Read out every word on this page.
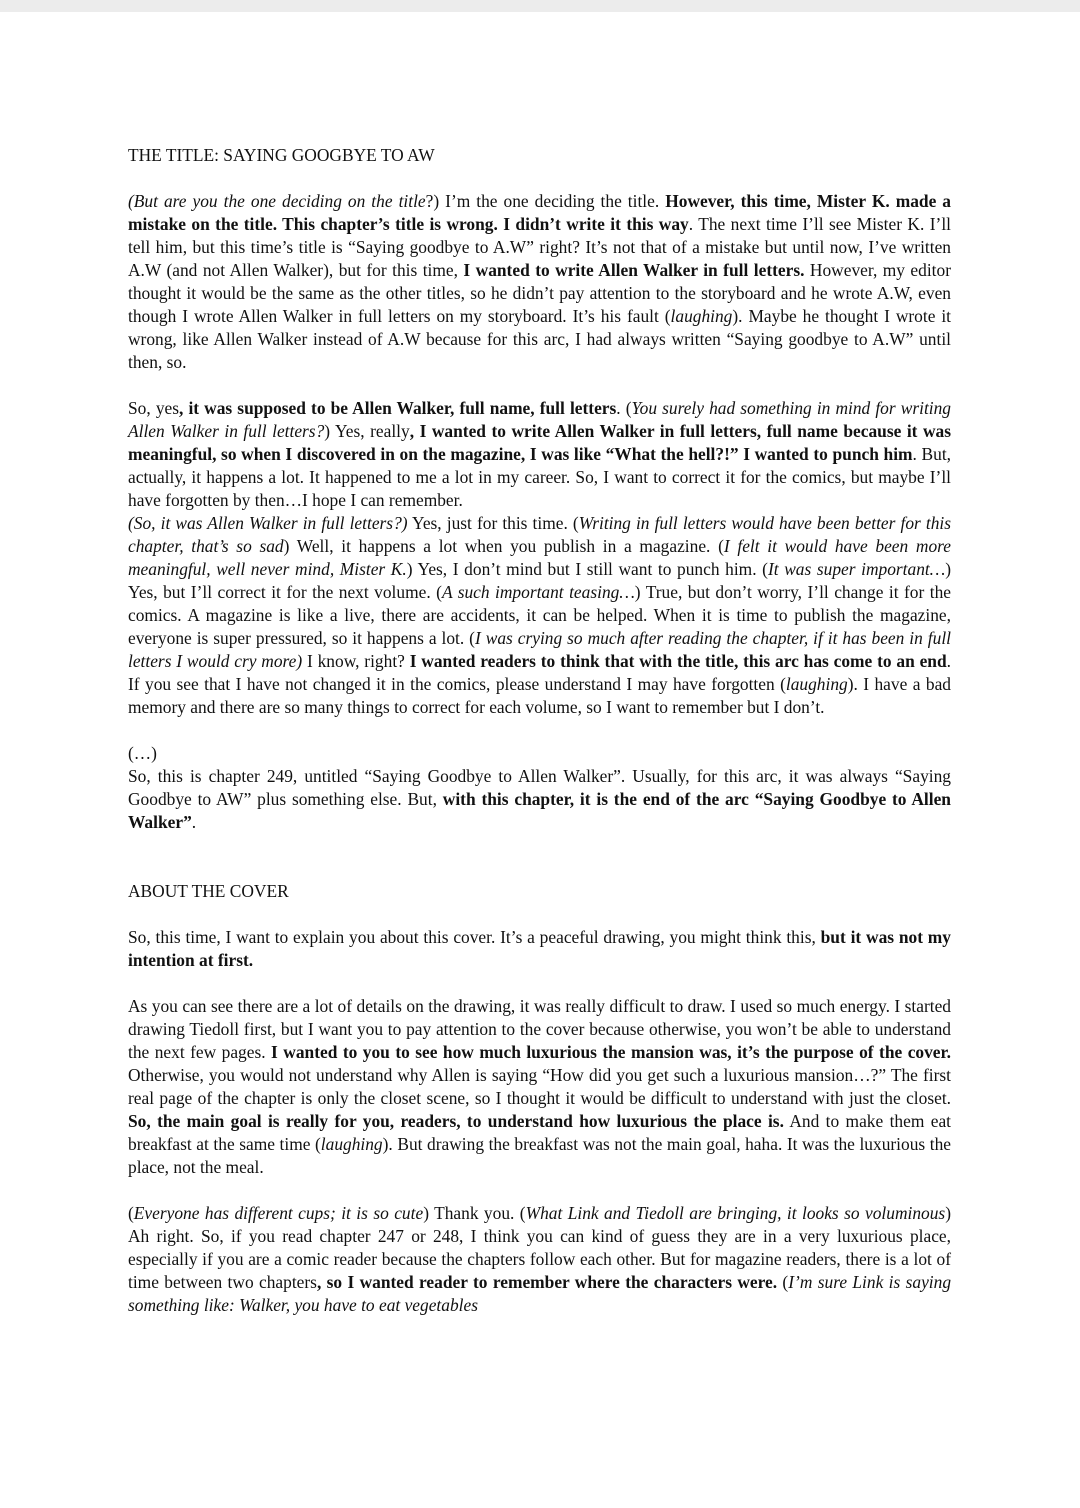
THE TITLE: SAYING GOOGBYE TO AW

(But are you the one deciding on the title?) I’m the one deciding the title. However, this time, Mister K. made a mistake on the title. This chapter’s title is wrong. I didn’t write it this way. The next time I’ll see Mister K. I’ll tell him, but this time’s title is “Saying goodbye to A.W” right? It’s not that of a mistake but until now, I’ve written A.W (and not Allen Walker), but for this time, I wanted to write Allen Walker in full letters. However, my editor thought it would be the same as the other titles, so he didn’t pay attention to the storyboard and he wrote A.W, even though I wrote Allen Walker in full letters on my storyboard. It’s his fault (laughing). Maybe he thought I wrote it wrong, like Allen Walker instead of A.W because for this arc, I had always written “Saying goodbye to A.W” until then, so.

So, yes, it was supposed to be Allen Walker, full name, full letters. (You surely had something in mind for writing Allen Walker in full letters?) Yes, really, I wanted to write Allen Walker in full letters, full name because it was meaningful, so when I discovered in on the magazine, I was like “What the hell?!” I wanted to punch him. But, actually, it happens a lot. It happened to me a lot in my career. So, I want to correct it for the comics, but maybe I’ll have forgotten by then…I hope I can remember.
(So, it was Allen Walker in full letters?) Yes, just for this time. (Writing in full letters would have been better for this chapter, that’s so sad) Well, it happens a lot when you publish in a magazine. (I felt it would have been more meaningful, well never mind, Mister K.) Yes, I don’t mind but I still want to punch him. (It was super important…) Yes, but I’ll correct it for the next volume. (A such important teasing…) True, but don’t worry, I’ll change it for the comics. A magazine is like a live, there are accidents, it can be helped. When it is time to publish the magazine, everyone is super pressured, so it happens a lot. (I was crying so much after reading the chapter, if it has been in full letters I would cry more) I know, right? I wanted readers to think that with the title, this arc has come to an end. If you see that I have not changed it in the comics, please understand I may have forgotten (laughing). I have a bad memory and there are so many things to correct for each volume, so I want to remember but I don’t.

(…)
So, this is chapter 249, untitled “Saying Goodbye to Allen Walker”. Usually, for this arc, it was always “Saying Goodbye to AW” plus something else. But, with this chapter, it is the end of the arc “Saying Goodbye to Allen Walker”.

ABOUT THE COVER

So, this time, I want to explain you about this cover. It’s a peaceful drawing, you might think this, but it was not my intention at first.

As you can see there are a lot of details on the drawing, it was really difficult to draw. I used so much energy. I started drawing Tiedoll first, but I want you to pay attention to the cover because otherwise, you won’t be able to understand the next few pages. I wanted to you to see how much luxurious the mansion was, it’s the purpose of the cover. Otherwise, you would not understand why Allen is saying “How did you get such a luxurious mansion…?” The first real page of the chapter is only the closet scene, so I thought it would be difficult to understand with just the closet. So, the main goal is really for you, readers, to understand how luxurious the place is. And to make them eat breakfast at the same time (laughing). But drawing the breakfast was not the main goal, haha. It was the luxurious the place, not the meal.

(Everyone has different cups; it is so cute) Thank you. (What Link and Tiedoll are bringing, it looks so voluminous) Ah right. So, if you read chapter 247 or 248, I think you can kind of guess they are in a very luxurious place, especially if you are a comic reader because the chapters follow each other. But for magazine readers, there is a lot of time between two chapters, so I wanted reader to remember where the characters were. (I’m sure Link is saying something like: Walker, you have to eat vegetables
